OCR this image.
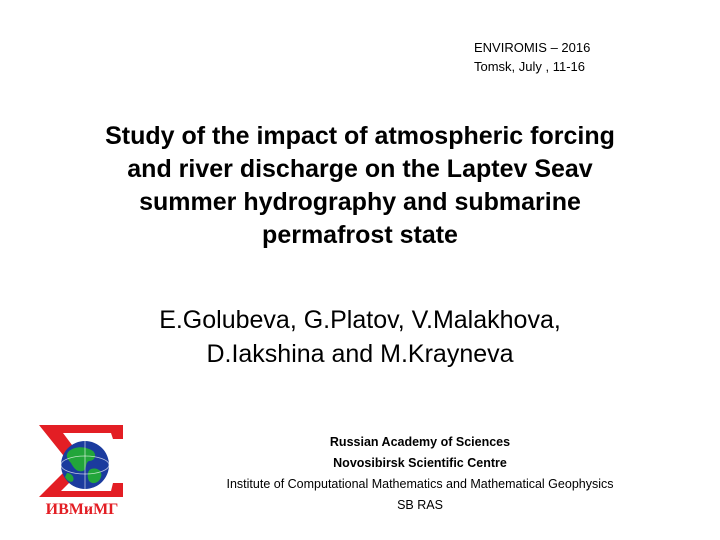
ENVIROMIS – 2016
Tomsk, July , 11-16
Study of the impact of atmospheric forcing
and river discharge on the Laptev Seav
summer hydrography and submarine
permafrost state
E.Golubeva, G.Platov, V.Malakhova,
D.Iakshina and M.Krayneva
ИВМиМГ
Russian Academy of Sciences
Novosibirsk Scientific Centre
Institute of Computational Mathematics and Mathematical Geophysics
SB RAS
